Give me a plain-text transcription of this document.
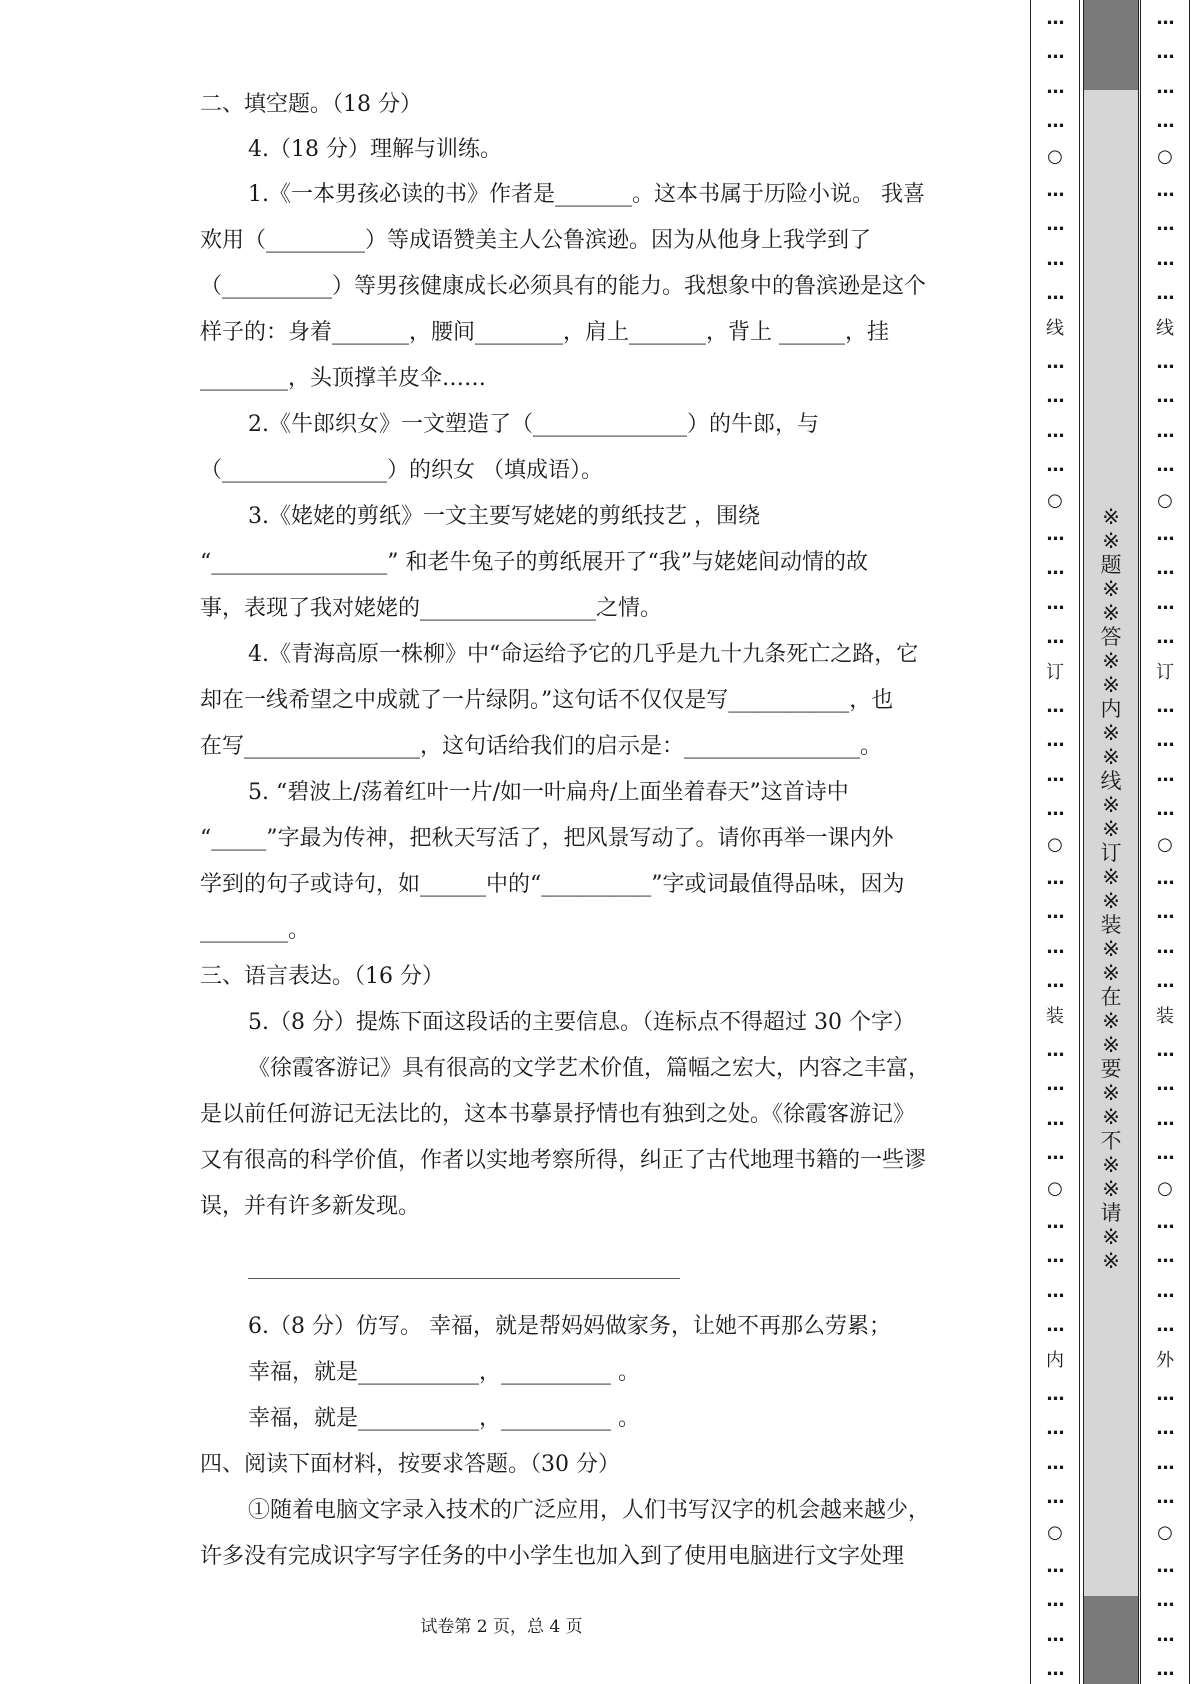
二、填空题。（18 分）
4.（18 分）理解与训练。
1.《一本男孩必读的书》作者是_______。这本书属于历险小说。 我喜
欢用（_________）等成语赞美主人公鲁滨逊。因为从他身上我学到了
（__________）等男孩健康成长必须具有的能力。我想象中的鲁滨逊是这个
样子的：身着_______，腰间________，肩上_______，背上 ______，挂
________，头顶撑羊皮伞……
2.《牛郎织女》一文塑造了（______________）的牛郎，与
（_______________）的织女 （填成语）。
3.《姥姥的剪纸》一文主要写姥姥的剪纸技艺 ，围绕
“________________” 和老牛兔子的剪纸展开了“我”与姥姥间动情的故
事，表现了我对姥姥的________________之情。
4.《青海高原一株柳》中“命运给予它的几乎是九十九条死亡之路，它
却在一线希望之中成就了一片绿阴。”这句话不仅仅是写___________，也
在写________________，这句话给我们的启示是：________________。
5. “碧波上/荡着红叶一片/如一叶扁舟/上面坐着春天”这首诗中
“_____”字最为传神，把秋天写活了，把风景写动了。请你再举一课内外
学到的句子或诗句，如______中的“__________”字或词最值得品味，因为
________。
三、语言表达。（16 分）
5.（8 分）提炼下面这段话的主要信息。（连标点不得超过 30 个字）
《徐霞客游记》具有很高的文学艺术价值，篇幅之宏大，内容之丰富，
是以前任何游记无法比的，这本书摹景抒情也有独到之处。《徐霞客游记》
又有很高的科学价值，作者以实地考察所得，纠正了古代地理书籍的一些谬
误，并有许多新发现。
6.（8 分）仿写。 幸福，就是帮妈妈做家务，让她不再那么劳累；
幸福，就是___________，__________ 。
幸福，就是___________，__________ 。
四、阅读下面材料，按要求答题。（30 分）
①随着电脑文字录入技术的广泛应用，人们书写汉字的机会越来越少，
许多没有完成识字写字任务的中小学生也加入到了使用电脑进行文字处理
试卷第 2 页，总 4 页
…
…
…
…
○
…
…
…
…
线
…
…
…
…
○
…
…
…
…
订
…
…
…
…
○
…
…
…
…
装
…
…
…
…
○
…
…
…
…
内
…
…
…
…
○
…
…
…
…
※
※
题
※
※
答
※
※
内
※
※
线
※
※
订
※
※
装
※
※
在
※
※
要
※
※
不
※
※
请
※
※
…
…
…
…
○
…
…
…
…
线
…
…
…
…
○
…
…
…
…
订
…
…
…
…
○
…
…
…
…
装
…
…
…
…
○
…
…
…
…
外
…
…
…
…
○
…
…
…
…
